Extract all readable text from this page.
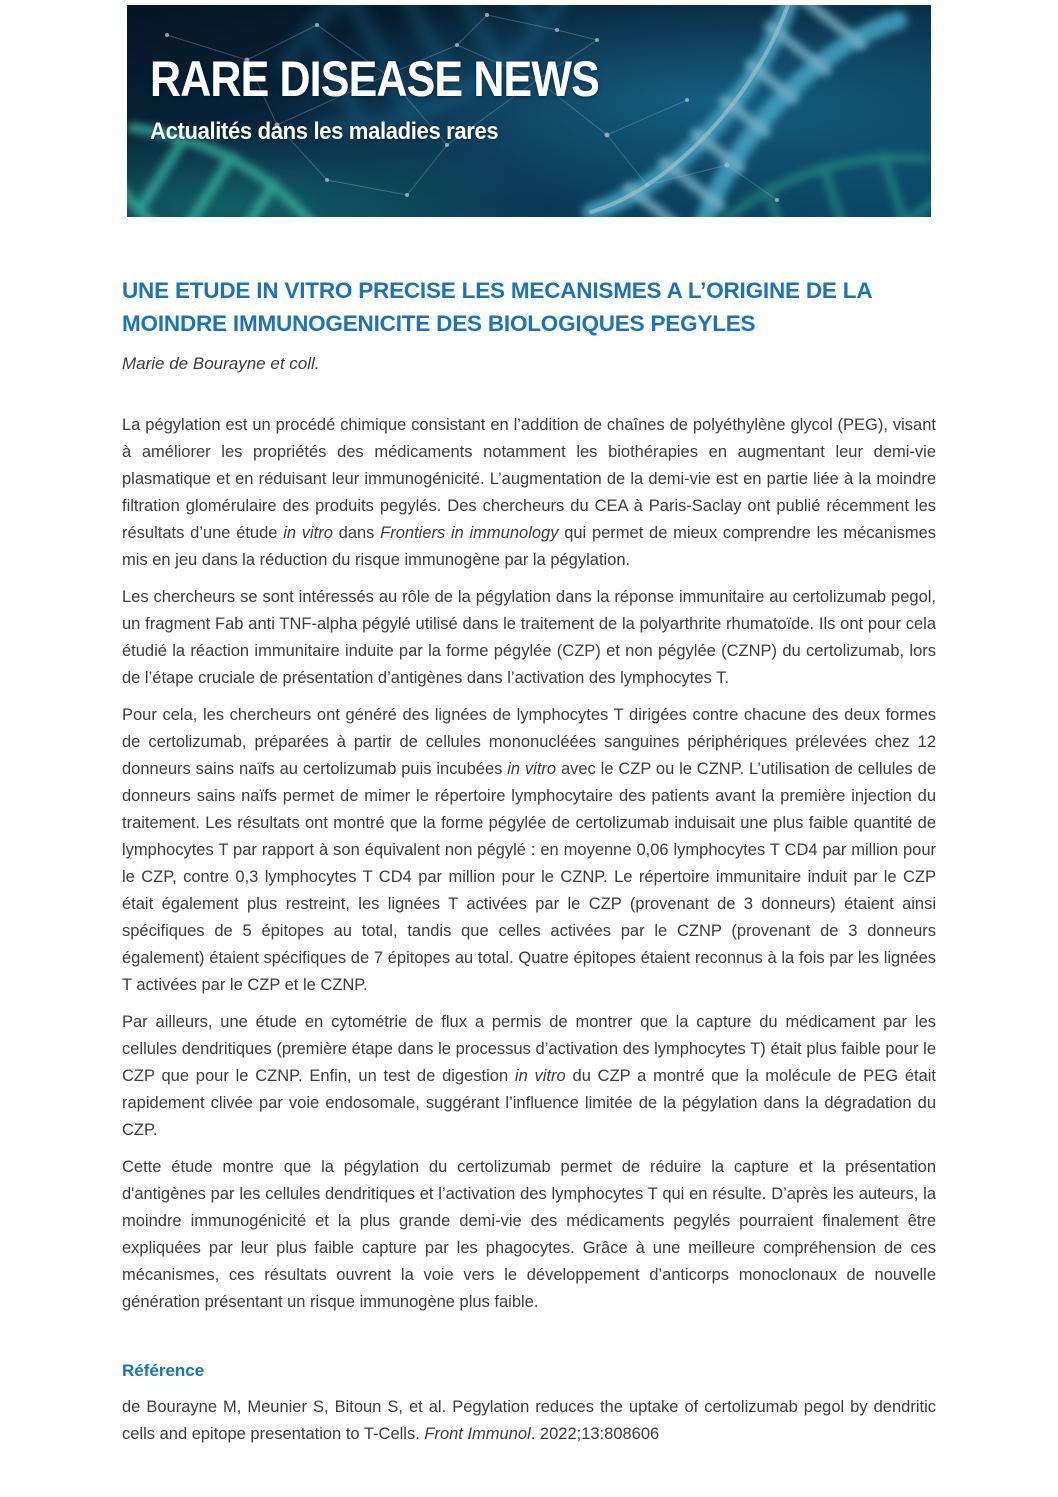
RARE DISEASE NEWS
Actualités dans les maladies rares
UNE ETUDE IN VITRO PRECISE LES MECANISMES A L’ORIGINE DE LA MOINDRE IMMUNOGENICITE DES BIOLOGIQUES PEGYLES
Marie de Bourayne et coll.

La pégylation est un procédé chimique consistant en l’addition de chaînes de polyéthylène glycol (PEG), visant à améliorer les propriétés des médicaments notamment les biothérapies en augmentant leur demi-vie plasmatique et en réduisant leur immunogénicité. L’augmentation de la demi-vie est en partie liée à la moindre filtration glomérulaire des produits pegylés. Des chercheurs du CEA à Paris-Saclay ont publié récemment les résultats d’une étude in vitro dans Frontiers in immunology qui permet de mieux comprendre les mécanismes mis en jeu dans la réduction du risque immunogène par la pégylation.

Les chercheurs se sont intéressés au rôle de la pégylation dans la réponse immunitaire au certolizumab pegol, un fragment Fab anti TNF-alpha pégylé utilisé dans le traitement de la polyarthrite rhumatoïde. Ils ont pour cela étudié la réaction immunitaire induite par la forme pégylée (CZP) et non pégylée (CZNP) du certolizumab, lors de l’étape cruciale de présentation d’antigènes dans l’activation des lymphocytes T.

Pour cela, les chercheurs ont généré des lignées de lymphocytes T dirigées contre chacune des deux formes de certolizumab, préparées à partir de cellules mononucléées sanguines périphériques prélevées chez 12 donneurs sains naïfs au certolizumab puis incubées in vitro avec le CZP ou le CZNP. L’utilisation de cellules de donneurs sains naïfs permet de mimer le répertoire lymphocytaire des patients avant la première injection du traitement. Les résultats ont montré que la forme pégylée de certolizumab induisait une plus faible quantité de lymphocytes T par rapport à son équivalent non pégylé : en moyenne 0,06 lymphocytes T CD4 par million pour le CZP, contre 0,3 lymphocytes T CD4 par million pour le CZNP. Le répertoire immunitaire induit par le CZP était également plus restreint, les lignées T activées par le CZP (provenant de 3 donneurs) étaient ainsi spécifiques de 5 épitopes au total, tandis que celles activées par le CZNP (provenant de 3 donneurs également) étaient spécifiques de 7 épitopes au total. Quatre épitopes étaient reconnus à la fois par les lignées T activées par le CZP et le CZNP.

Par ailleurs, une étude en cytométrie de flux a permis de montrer que la capture du médicament par les cellules dendritiques (première étape dans le processus d’activation des lymphocytes T) était plus faible pour le CZP que pour le CZNP. Enfin, un test de digestion in vitro du CZP a montré que la molécule de PEG était rapidement clivée par voie endosomale, suggérant l’influence limitée de la pégylation dans la dégradation du CZP.

Cette étude montre que la pégylation du certolizumab permet de réduire la capture et la présentation d'antigènes par les cellules dendritiques et l’activation des lymphocytes T qui en résulte. D’après les auteurs, la moindre immunogénicité et la plus grande demi-vie des médicaments pegylés pourraient finalement être expliquées par leur plus faible capture par les phagocytes. Grâce à une meilleure compréhension de ces mécanismes, ces résultats ouvrent la voie vers le développement d’anticorps monoclonaux de nouvelle génération présentant un risque immunogène plus faible.

Référence

de Bourayne M, Meunier S, Bitoun S, et al. Pegylation reduces the uptake of certolizumab pegol by dendritic cells and epitope presentation to T-Cells. Front Immunol. 2022;13:808606
